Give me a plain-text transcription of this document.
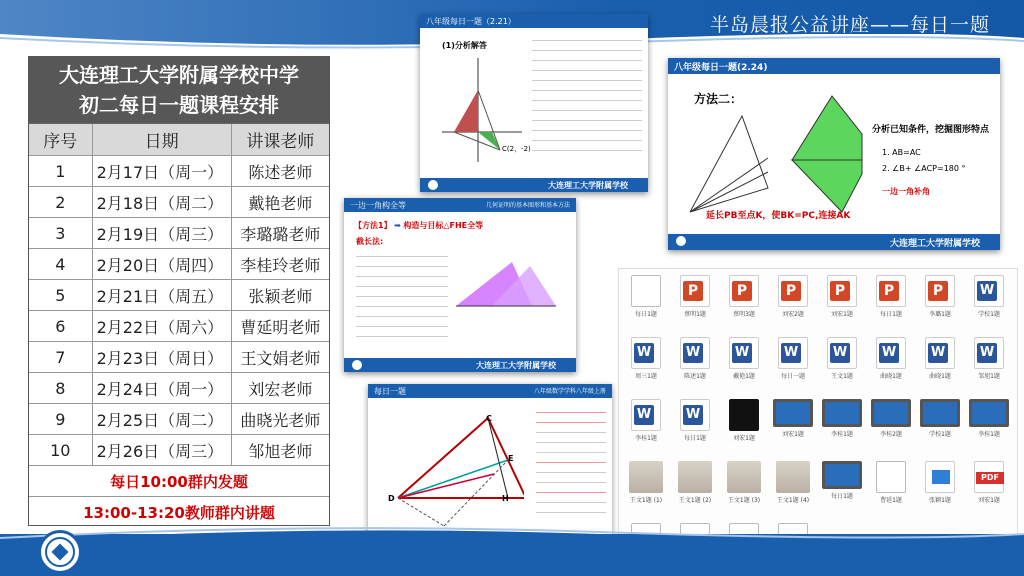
半岛晨报公益讲座——每日一题
大连理工大学附属学校中学
初二每日一题课程安排
序号	日期	讲课老师
1	2月17日（周一）	陈述老师
2	2月18日（周二）	戴艳老师
3	2月19日（周三）	李璐璐老师
4	2月20日（周四）	李桂玲老师
5	2月21日（周五）	张颖老师
6	2月22日（周六）	曹延明老师
7	2月23日（周日）	王文娟老师
8	2月24日（周一）	刘宏老师
9	2月25日（周二）	曲晓光老师
10	2月26日（周三）	邹旭老师
每日10:00群内发题
13:00-13:20教师群内讲题
八年级每日一题（2.21）
(1)分析解答
C(2，-2)
大连理工大学附属学校
八年级每日一题(2.24)
方法二：
分析已知条件，挖掘图形特点
1. AB=AC
2. ∠B+ ∠ACP=180 °
一边一角补角
延长PB至点K，使BK=PC,连接AK
大连理工大学附属学校
一边一角构全等	几何证明的基本图形和基本方法
【方法1】 ➡ 构造与目标△FHE全等
截长法:
大连理工大学附属学校
每日一题	八年级数学学科八年级上册
C
E
D	H
每日1题
P	蔡明1题
P	蔡明3题
P	刘宏2题
P	刘宏1题
P	每日1题
P	李璐1题
W	学校1题
W
周三1题
W	陈述1题
W	戴艳1题
W	每日一题
W	王文1题
W	曲晓1题
W	曲晓1题
W	邹旭1题
W
李桂1题
W	每日1题	刘宏1题
刘宏1题	李桂1题	李桂2题	学校1题	李桂1题
王文1题 (1)	王文1题 (2)	王文1题 (3)	王文1题 (4)
每日1题
曹延1题	张颖1题
PDF	刘宏1题
